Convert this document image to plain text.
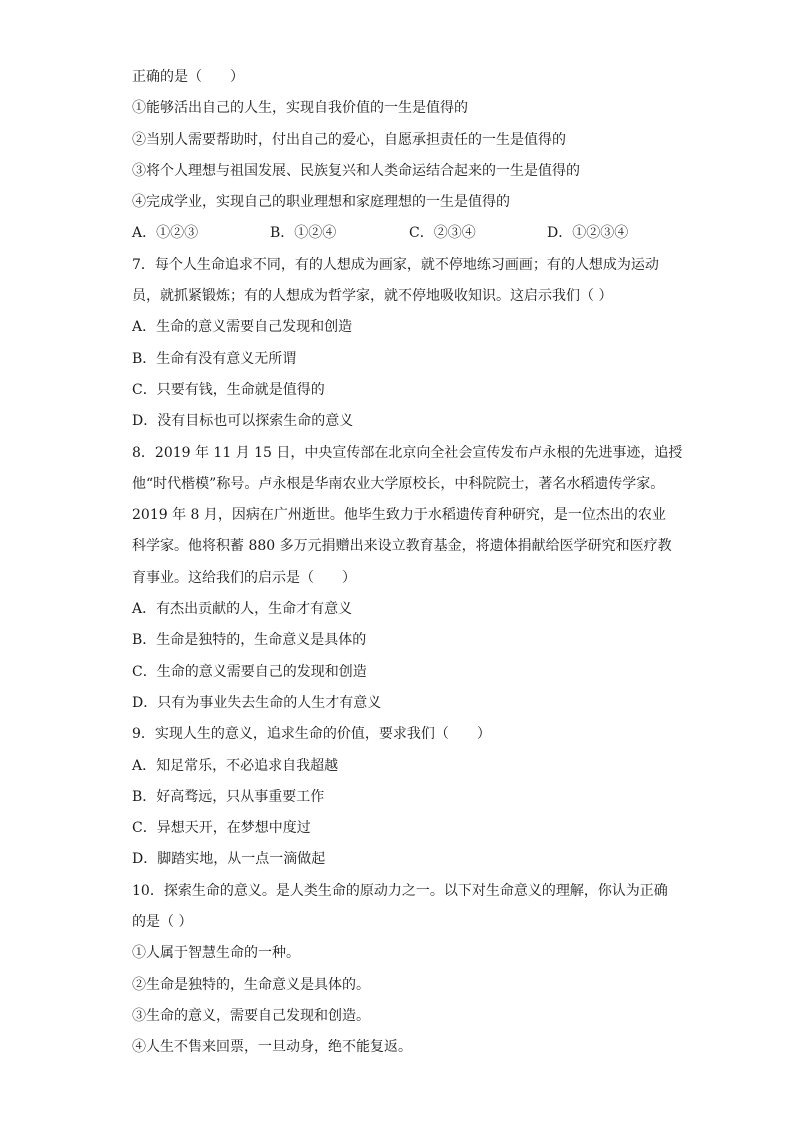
正确的是（　　）
①能够活出自己的人生，实现自我价值的一生是值得的
②当别人需要帮助时，付出自己的爱心，自愿承担责任的一生是值得的
③将个人理想与祖国发展、民族复兴和人类命运结合起来的一生是值得的
④完成学业，实现自己的职业理想和家庭理想的一生是值得的
A．①②③	B．①②④	C．②③④	D．①②③④
7．每个人生命追求不同，有的人想成为画家，就不停地练习画画；有的人想成为运动
员，就抓紧锻炼；有的人想成为哲学家，就不停地吸收知识。这启示我们（ ）
A．生命的意义需要自己发现和创造
B．生命有没有意义无所谓
C．只要有钱，生命就是值得的
D．没有目标也可以探索生命的意义
8．2019 年 11 月 15 日，中央宣传部在北京向全社会宣传发布卢永根的先进事迹，追授
他“时代楷模”称号。卢永根是华南农业大学原校长，中科院院士，著名水稻遗传学家。
2019 年 8 月，因病在广州逝世。他毕生致力于水稻遗传育种研究，是一位杰出的农业
科学家。他将积蓄 880 多万元捐赠出来设立教育基金，将遗体捐献给医学研究和医疗教
育事业。这给我们的启示是（　　）
A．有杰出贡献的人，生命才有意义
B．生命是独特的，生命意义是具体的
C．生命的意义需要自己的发现和创造
D．只有为事业失去生命的人生才有意义
9．实现人生的意义，追求生命的价值，要求我们（　　）
A．知足常乐，不必追求自我超越
B．好高骛远，只从事重要工作
C．异想天开，在梦想中度过
D．脚踏实地，从一点一滴做起
10．探索生命的意义。是人类生命的原动力之一。以下对生命意义的理解，你认为正确
的是（ ）
①人属于智慧生命的一种。
②生命是独特的，生命意义是具体的。
③生命的意义，需要自己发现和创造。
④人生不售来回票，一旦动身，绝不能复返。
